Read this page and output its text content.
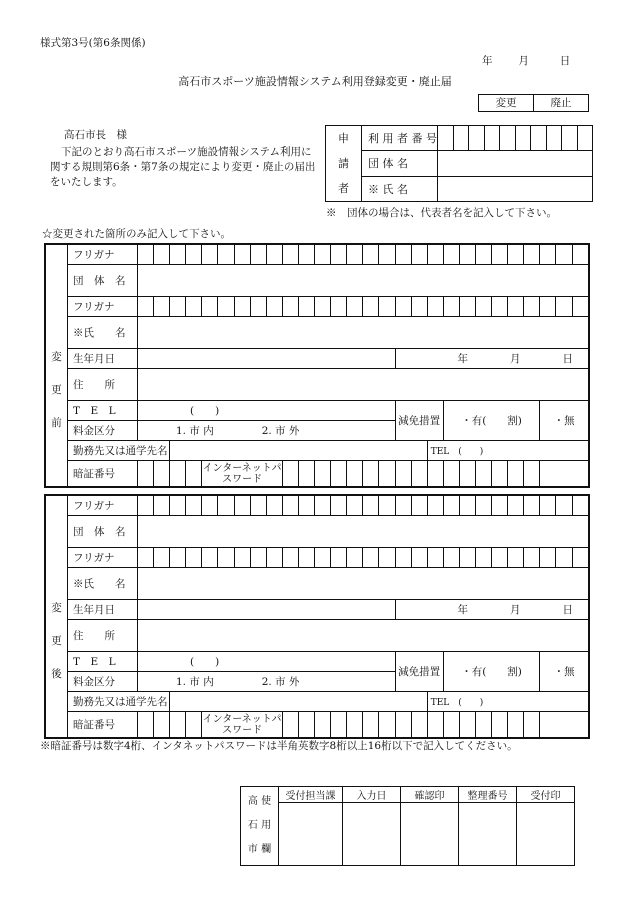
様式第3号(第6条関係)
年 月	日
高石市スポーツ施設情報システム利用登録変更・廃止届
変更	廃止
高石市長　様
下記のとおり高石市スポーツ施設情報システム利用に関する規則第6条・第7条の規定により変更・廃止の届出をいたします。
申
請
者	利 用 者 番 号										
	団 体 名										
	※ 氏 名										
※　団体の場合は、代表者名を記入して下さい。
☆変更された箇所のみ記入して下さい。
変
更
前	フリガナ																												
	団　体　名																												
	フリガナ																												
	※氏　　名																												
	生年月日																	年 月 日											
	住　　所																												
	T　E　L	(　　)																減免措置			・有(　　割)						・無		
	料金区分	1. 市 内 2. 市 外																											
	勤務先又は通学先名																			TEL　(　　)									
	暗証番号					インターネットパスワード																							
変
更
後	フリガナ																												
	団　体　名																												
	フリガナ																												
	※氏　　名																												
	生年月日																	年 月 日											
	住　　所																												
	T　E　L	(　　)																減免措置			・有(　　割)						・無		
	料金区分	1. 市 内 2. 市 外																											
	勤務先又は通学先名																			TEL　(　　)									
	暗証番号					インターネットパスワード																							
※暗証番号は数字4桁、インタネットパスワードは半角英数字8桁以上16桁以下で記入してください。
高 使
石 用
市 欄	受付担当課	入力日	確認印	整理番号	受付印
